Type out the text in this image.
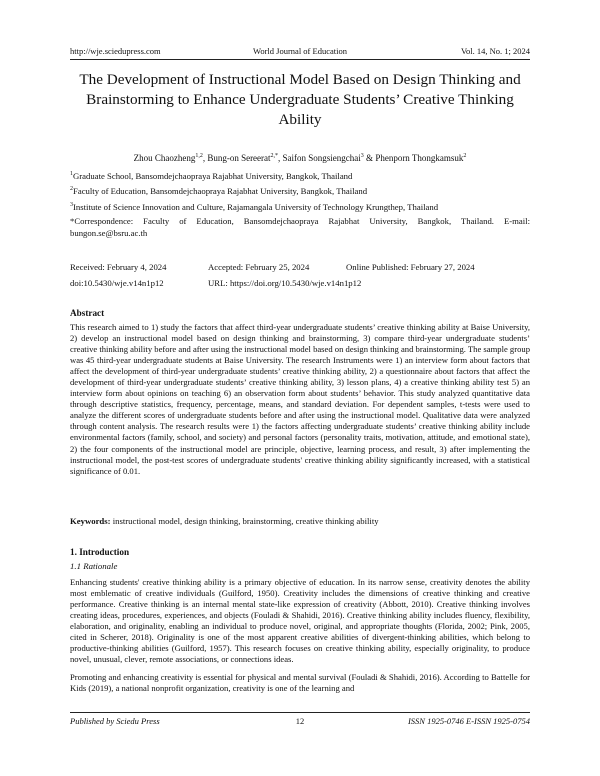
http://wje.sciedupress.com	World Journal of Education	Vol. 14, No. 1; 2024
The Development of Instructional Model Based on Design Thinking and Brainstorming to Enhance Undergraduate Students’ Creative Thinking Ability
Zhou Chaozheng$^{1,2}$, Bung-on Sereerat$^{2,*}$, Saifon Songsiengchai$^3$ & Phenporn Thongkamsuk$^2$
$^1$Graduate School, Bansomdejchaopraya Rajabhat University, Bangkok, Thailand
$^2$Faculty of Education, Bansomdejchaopraya Rajabhat University, Bangkok, Thailand
$^3$Institute of Science Innovation and Culture, Rajamangala University of Technology Krungthep, Thailand
*Correspondence: Faculty of Education, Bansomdejchaopraya Rajabhat University, Bangkok, Thailand. E-mail: bungon.se@bsru.ac.th
Received: February 4, 2024	Accepted: February 25, 2024	Online Published: February 27, 2024
doi:10.5430/wje.v14n1p12	URL: https://doi.org/10.5430/wje.v14n1p12
Abstract
This research aimed to 1) study the factors that affect third-year undergraduate students’ creative thinking ability at Baise University, 2) develop an instructional model based on design thinking and brainstorming, 3) compare third-year undergraduate students’ creative thinking ability before and after using the instructional model based on design thinking and brainstorming. The sample group was 45 third-year undergraduate students at Baise University. The research Instruments were 1) an interview form about factors that affect the development of third-year undergraduate students’ creative thinking ability, 2) a questionnaire about factors that affect the development of third-year undergraduate students’ creative thinking ability, 3) lesson plans, 4) a creative thinking ability test 5) an interview form about opinions on teaching 6) an observation form about students’ behavior. This study analyzed quantitative data through descriptive statistics, frequency, percentage, means, and standard deviation. For dependent samples, t-tests were used to analyze the different scores of undergraduate students before and after using the instructional model. Qualitative data were analyzed through content analysis. The research results were 1) the factors affecting undergraduate students’ creative thinking ability include environmental factors (family, school, and society) and personal factors (personality traits, motivation, attitude, and emotional state), 2) the four components of the instructional model are principle, objective, learning process, and result, 3) after implementing the instructional model, the post-test scores of undergraduate students' creative thinking ability significantly increased, with a statistical significance of 0.01.
Keywords: instructional model, design thinking, brainstorming, creative thinking ability
1. Introduction
1.1 Rationale
Enhancing students' creative thinking ability is a primary objective of education. In its narrow sense, creativity denotes the ability most emblematic of creative individuals (Guilford, 1950). Creativity includes the dimensions of creative thinking and creative performance. Creative thinking is an internal mental state-like expression of creativity (Abbott, 2010). Creative thinking involves creating ideas, procedures, experiences, and objects (Fouladi & Shahidi, 2016). Creative thinking ability includes fluency, flexibility, elaboration, and originality, enabling an individual to produce novel, original, and appropriate thoughts (Florida, 2002; Pink, 2005, cited in Scherer, 2018). Originality is one of the most apparent creative abilities of divergent-thinking abilities, which belong to productive-thinking abilities (Guilford, 1957). This research focuses on creative thinking ability, especially originality, to produce novel, unusual, clever, remote associations, or connections ideas.
Promoting and enhancing creativity is essential for physical and mental survival (Fouladi & Shahidi, 2016). According to Battelle for Kids (2019), a national nonprofit organization, creativity is one of the learning and
Published by Sciedu Press	12	ISSN 1925-0746 E-ISSN 1925-0754
